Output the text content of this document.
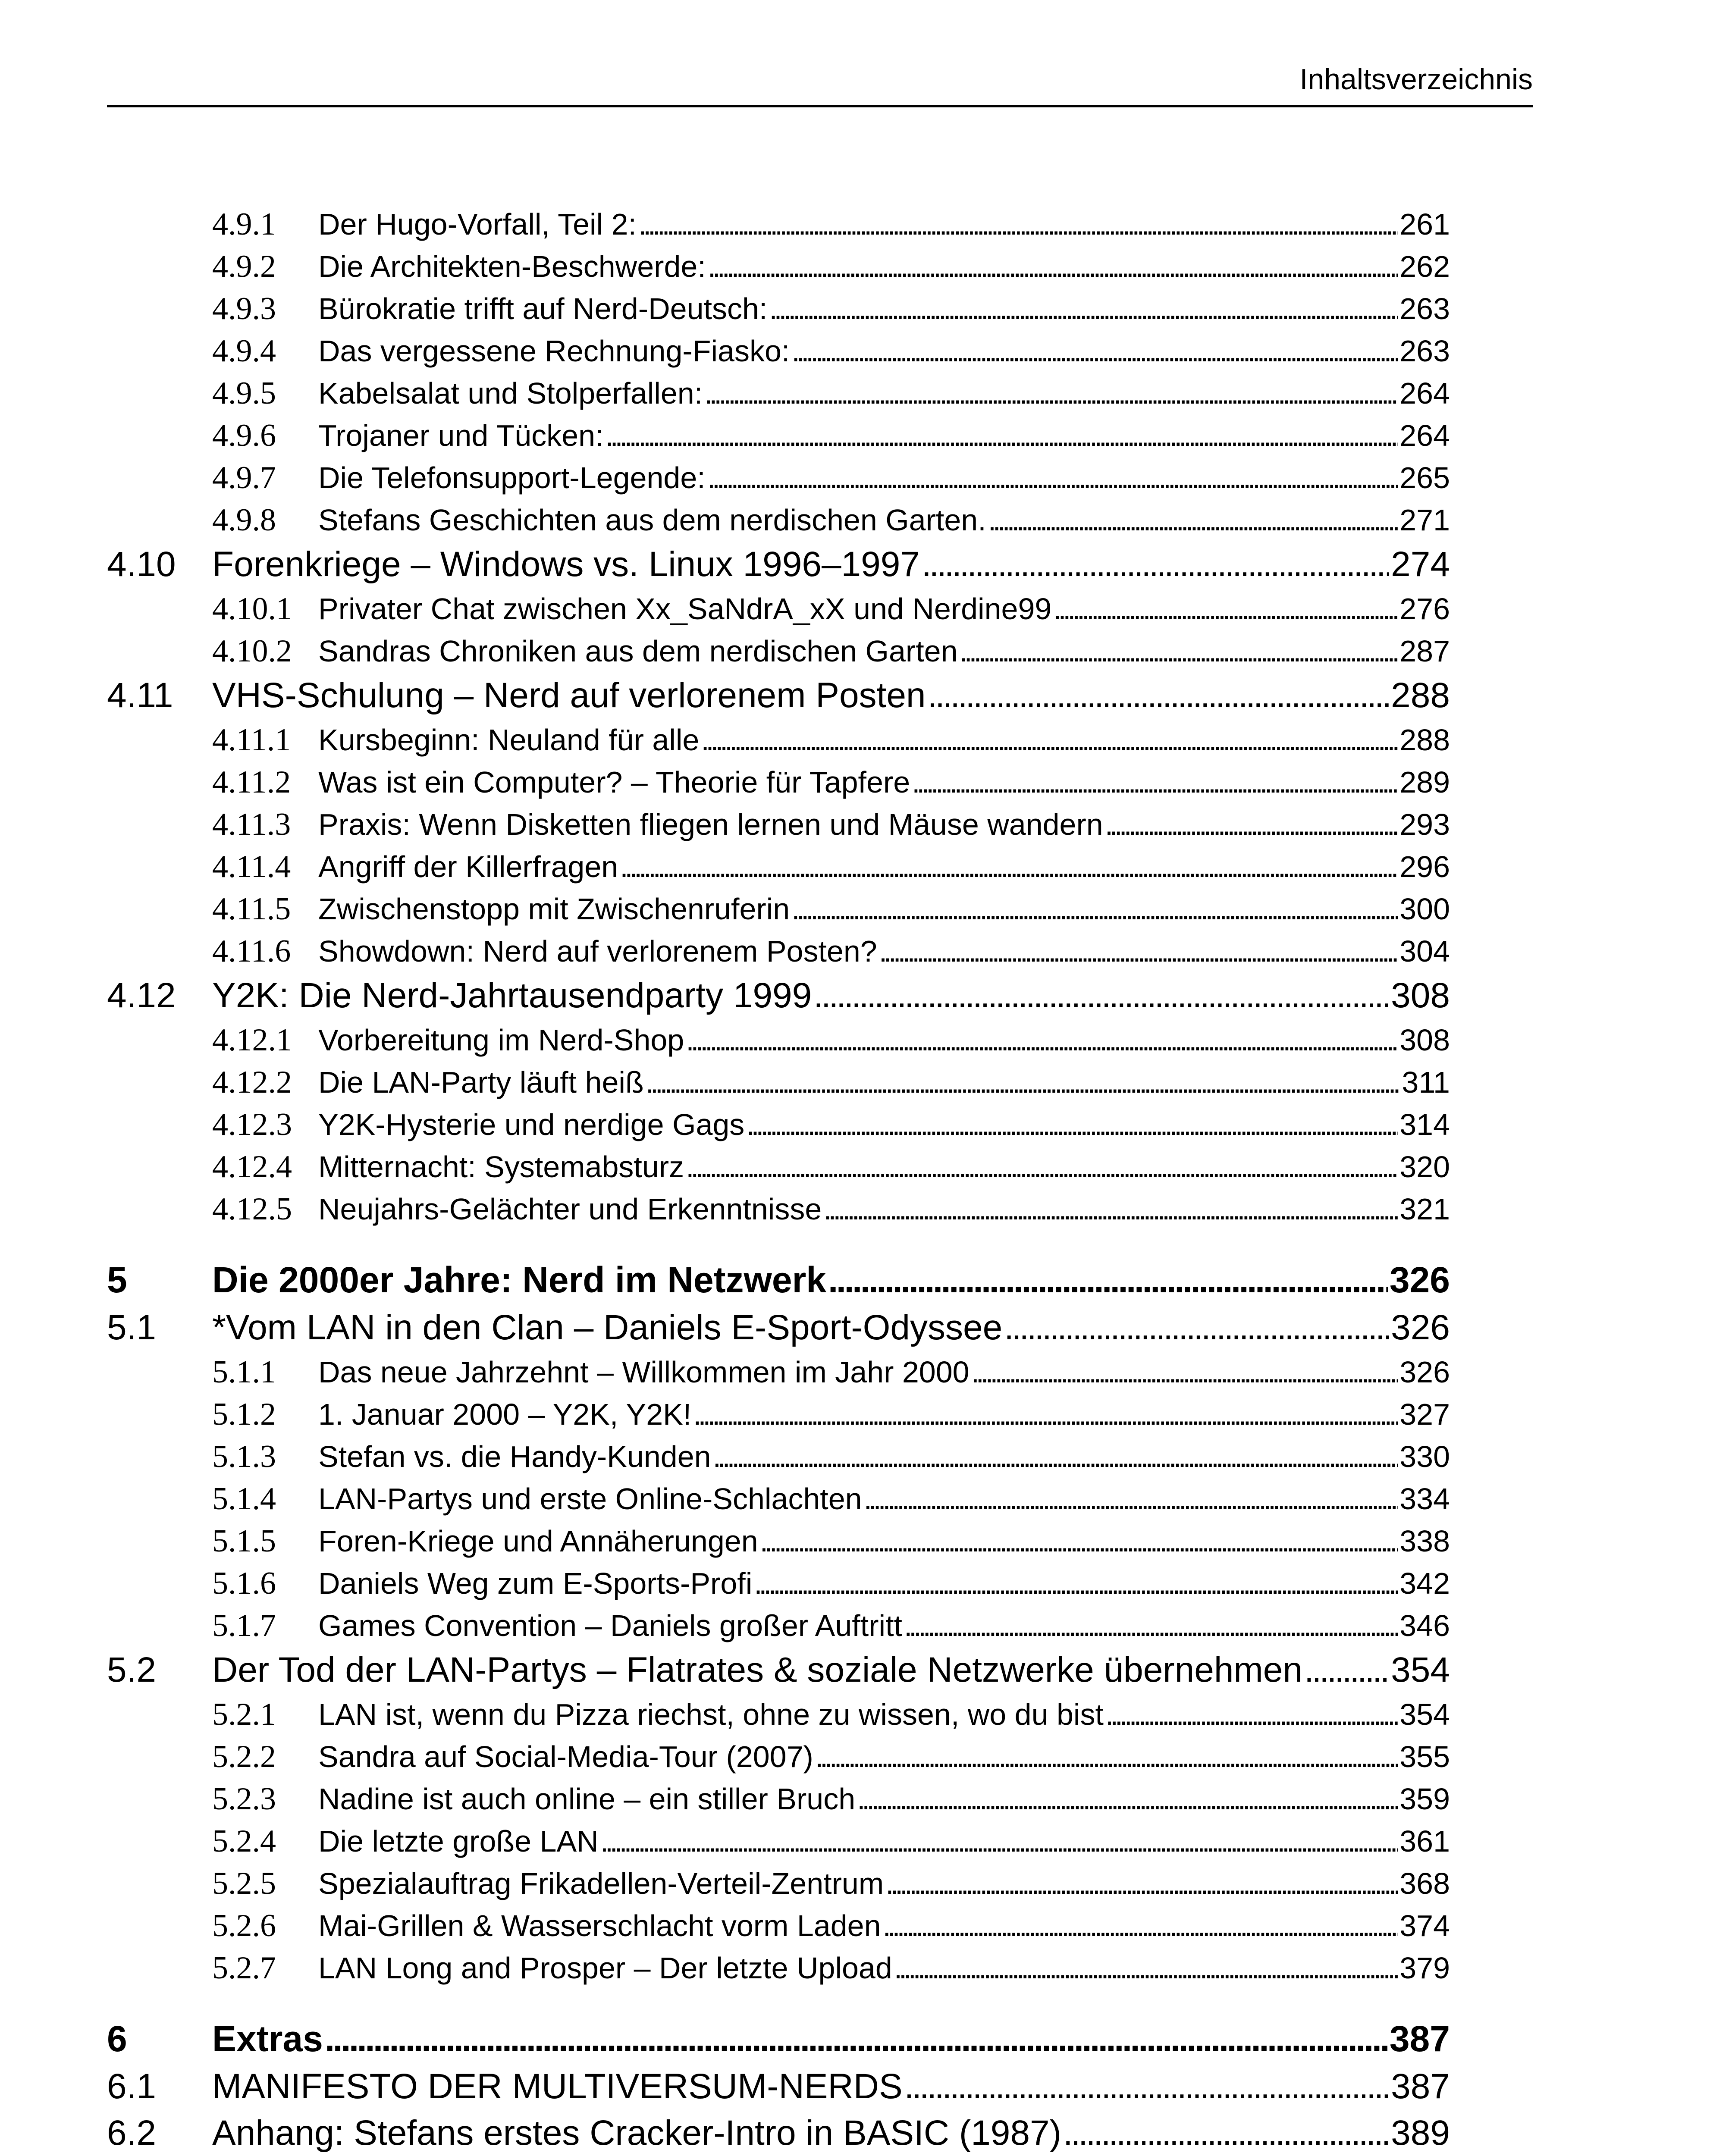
Inhaltsverzeichnis
4.9.1	Der Hugo-Vorfall, Teil 2: . . .	261
4.9.2	Die Architekten-Beschwerde: . . .	262
4.9.3	Bürokratie trifft auf Nerd-Deutsch: . . .	263
4.9.4	Das vergessene Rechnung-Fiasko: . . .	263
4.9.5	Kabelsalat und Stolperfallen: . . .	264
4.9.6	Trojaner und Tücken: . . .	264
4.9.7	Die Telefonsupport-Legende: . . .	265
4.9.8	Stefans Geschichten aus dem nerdischen Garten. . . .	271
4.10	Forenkriege – Windows vs. Linux 1996–1997 . . .	274
4.10.1 Privater Chat zwischen Xx_SaNdrA_xX und Nerdine99 . . .	276
4.10.2 Sandras Chroniken aus dem nerdischen Garten . . .	287
4.11	VHS-Schulung – Nerd auf verlorenem Posten . . .	288
4.11.1 Kursbeginn: Neuland für alle . . .	288
4.11.2 Was ist ein Computer? – Theorie für Tapfere . . .	289
4.11.3 Praxis: Wenn Disketten fliegen lernen und Mäuse wandern . . .	293
4.11.4 Angriff der Killerfragen . . .	296
4.11.5 Zwischenstopp mit Zwischenruferin . . .	300
4.11.6 Showdown: Nerd auf verlorenem Posten? . . .	304
4.12	Y2K: Die Nerd-Jahrtausendparty 1999 . . .	308
4.12.1 Vorbereitung im Nerd-Shop . . .	308
4.12.2 Die LAN-Party läuft heiß . . .	311
4.12.3 Y2K-Hysterie und nerdige Gags . . .	314
4.12.4 Mitternacht: Systemabsturz . . .	320
4.12.5 Neujahrs-Gelächter und Erkenntnisse . . .	321
5	Die 2000er Jahre: Nerd im Netzwerk . . .	326
5.1	*Vom LAN in den Clan – Daniels E-Sport-Odyssee . . .	326
5.1.1	Das neue Jahrzehnt – Willkommen im Jahr 2000 . . .	326
5.1.2	1. Januar 2000 – Y2K, Y2K! . . .	327
5.1.3	Stefan vs. die Handy-Kunden . . .	330
5.1.4	LAN-Partys und erste Online-Schlachten . . .	334
5.1.5	Foren-Kriege und Annäherungen . . .	338
5.1.6	Daniels Weg zum E-Sports-Profi . . .	342
5.1.7	Games Convention – Daniels großer Auftritt . . .	346
5.2	Der Tod der LAN-Partys – Flatrates & soziale Netzwerke übernehmen . . .	354
5.2.1	LAN ist, wenn du Pizza riechst, ohne zu wissen, wo du bist . . .	354
5.2.2	Sandra auf Social-Media-Tour (2007) . . .	355
5.2.3	Nadine ist auch online – ein stiller Bruch . . .	359
5.2.4	Die letzte große LAN . . .	361
5.2.5	Spezialauftrag Frikadellen-Verteil-Zentrum . . .	368
5.2.6	Mai-Grillen & Wasserschlacht vorm Laden . . .	374
5.2.7	LAN Long and Prosper – Der letzte Upload . . .	379
6	Extras . . .	387
6.1	MANIFESTO DER MULTIVERSUM-NERDS . . .	387
6.2	Anhang: Stefans erstes Cracker-Intro in BASIC (1987) . . .	389
